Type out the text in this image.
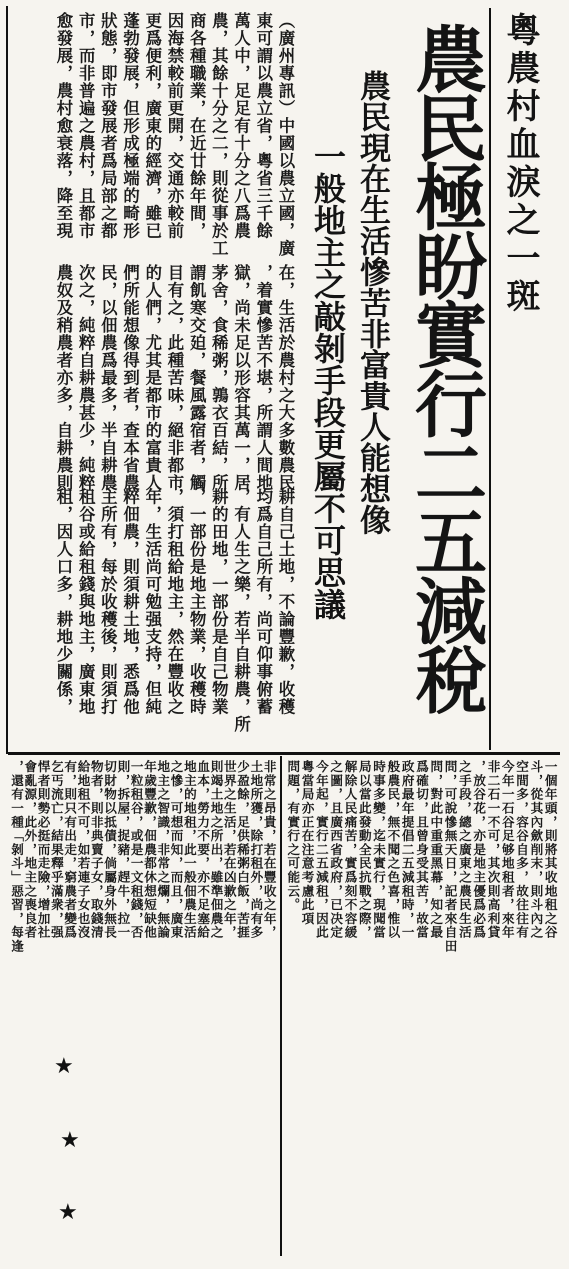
粵農村血淚之一斑
農民極盼實行二五減稅
農民現在生活慘苦非富貴人能想像
一般地主之敲剝手段更屬不可思議
耕自己土地，不論豐歉，收穫
均爲自己所有，尚可仰事俯蓄
，有人生之樂，若半自耕農，所
耕的田地，一部份是自己物業
，一部份是地主物業，收穫時
，須打租給地主，然在豐收之
年，生活尚可勉强支持，但純
粹佃農，則須耕土地，悉爲他
主所有，每於收穫後，則須打
租谷或給租錢與地主，廣東地
租，因人口多，耕地少關係，
在，生活於農村之大多數農民
，着實慘苦不堪，所謂人間地
獄，尚未足以形容其萬一，居
茅舍，食稀粥，鶉衣百結，所
謂飢寒交廹，餐風露宿者，觸
目有之，此種苦味，絕非都市
的人們，尤其是都市的富貴人
們所能想像得到者，查本省農
民，以佃農爲最多，半自耕農
次之，純粹自耕農甚少，純粹
農奴及稍農者亦多，自耕農則
（廣州專訊）中國以農立國，廣
東可謂以農立省，粵省三千餘
萬人中，足足有十分之八爲農
農，其餘十分之二，則從事於工
商各種職業，在近廿餘年間，
因海禁較前更開，交通亦較前
更爲便利，廣東的經濟，雖已
蓬勃發展，但形成極端的畸形
狀態，即市發展者爲局部之都
市，而非普遍之農村，且都市
愈發展，農村愈衰落，降至現
一個年頭，則將其收地租之谷
斗，從其內歛削末，則斗內之
空間多，容谷自多，故往往有
今年一石谷足够地租者，來年
非二石一不可，其次則高利貸
，放谷花，亦是地主優爲必爲
之手段，總之廣東之農民生活
問，可說慘無天日，記者來自田
問，對此中重重黑幕，知之最
爲確切，且曾身受其苦，故當
政府最年提倡二五減租時，一
般農民，無不聞之色喜，惟以
時事多變，迄未實行，現聞當
局以當此發動全民抗戰之際，
解除人民痛苦，實爲刻不容緩
之圖，且廣西省政府，已决定
今年起，實行二五減租，因此
粵當局亦正在注意考慮此項
問題，有實行之可能云。
非常之昂貴，若在豐收之年，
土地所獲，除打租外，尚有多
少盈餘，足供稀粥白飯，苦捱
世界之生活，若在凶歉之年，
則竭土地之所出，雖準佃農之
血本，勞力不要，亦不足塞給
地主的地租，此一般佃農生活
之慘，可想而知，而且，廣東
地主之智識，非常之爛，無論
年歲豐歉，佃農都休想短缺他
一粒租谷，或是一文租錢，否
則，拆屋，捉豬，趕牛，拉一
切財物以抵債，倘屬身外無長
物者，則非典賣子女，取錢清
給地租不可，如若連子女也沒
有，則只有出走，窮農者變爲
乞丐流亡，結果釋乎滿衆，强
悍者則勢必挺而走險，增加社
會亂源，此外，地主之喪良者
，還有一種「剝斗」惡習，每逢
★
★
★
